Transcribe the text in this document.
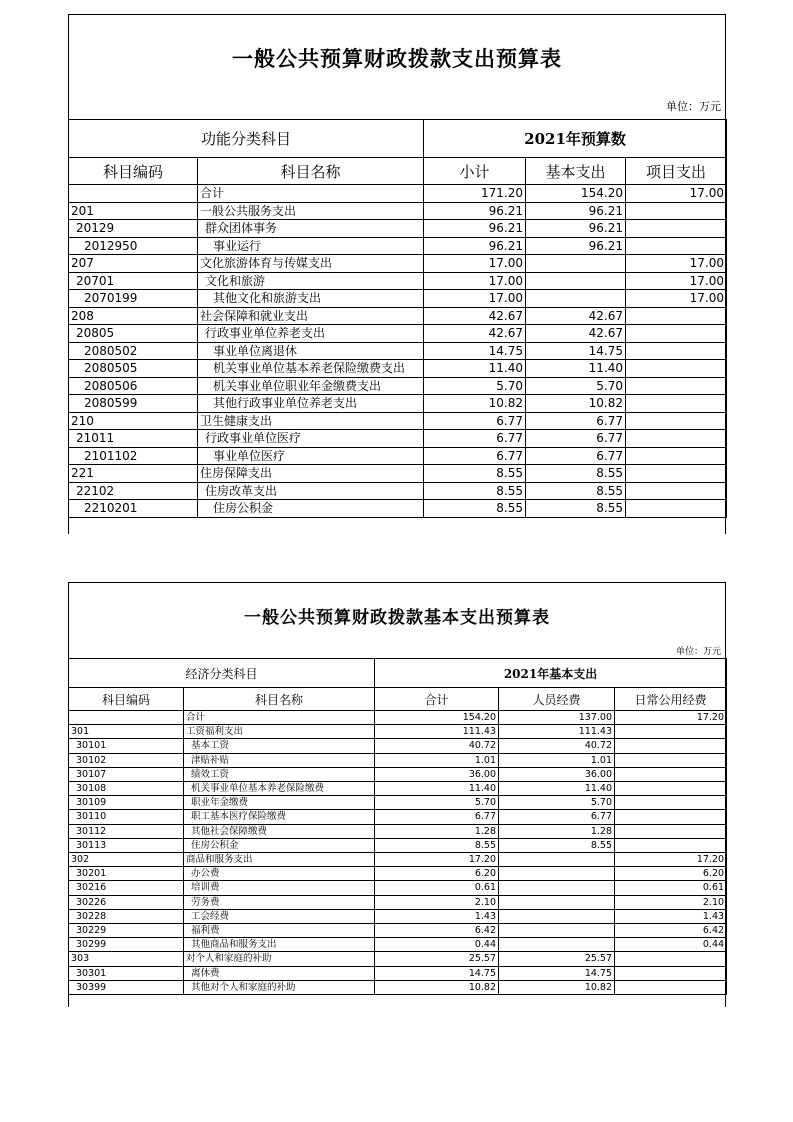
一般公共预算财政拨款支出预算表
单位：万元
功能分类科目		2021年预算数		
科目编码	科目名称	小计	基本支出	项目支出
	合计	171.20	154.20	17.00
201	一般公共服务支出	96.21	96.21	
20129	群众团体事务	96.21	96.21	
2012950	事业运行	96.21	96.21	
207	文化旅游体育与传媒支出	17.00		17.00
20701	文化和旅游	17.00		17.00
2070199	其他文化和旅游支出	17.00		17.00
208	社会保障和就业支出	42.67	42.67	
20805	行政事业单位养老支出	42.67	42.67	
2080502	事业单位离退休	14.75	14.75	
2080505	机关事业单位基本养老保险缴费支出	11.40	11.40	
2080506	机关事业单位职业年金缴费支出	5.70	5.70	
2080599	其他行政事业单位养老支出	10.82	10.82	
210	卫生健康支出	6.77	6.77	
21011	行政事业单位医疗	6.77	6.77	
2101102	事业单位医疗	6.77	6.77	
221	住房保障支出	8.55	8.55	
22102	住房改革支出	8.55	8.55	
2210201	住房公积金	8.55	8.55	
一般公共预算财政拨款基本支出预算表
单位：万元
经济分类科目		2021年基本支出		
科目编码	科目名称	合计	人员经费	日常公用经费
	合计	154.20	137.00	17.20
301	工资福利支出	111.43	111.43	
30101	基本工资	40.72	40.72	
30102	津贴补贴	1.01	1.01	
30107	绩效工资	36.00	36.00	
30108	机关事业单位基本养老保险缴费	11.40	11.40	
30109	职业年金缴费	5.70	5.70	
30110	职工基本医疗保险缴费	6.77	6.77	
30112	其他社会保障缴费	1.28	1.28	
30113	住房公积金	8.55	8.55	
302	商品和服务支出	17.20		17.20
30201	办公费	6.20		6.20
30216	培训费	0.61		0.61
30226	劳务费	2.10		2.10
30228	工会经费	1.43		1.43
30229	福利费	6.42		6.42
30299	其他商品和服务支出	0.44		0.44
303	对个人和家庭的补助	25.57	25.57	
30301	离休费	14.75	14.75	
30399	其他对个人和家庭的补助	10.82	10.82	
